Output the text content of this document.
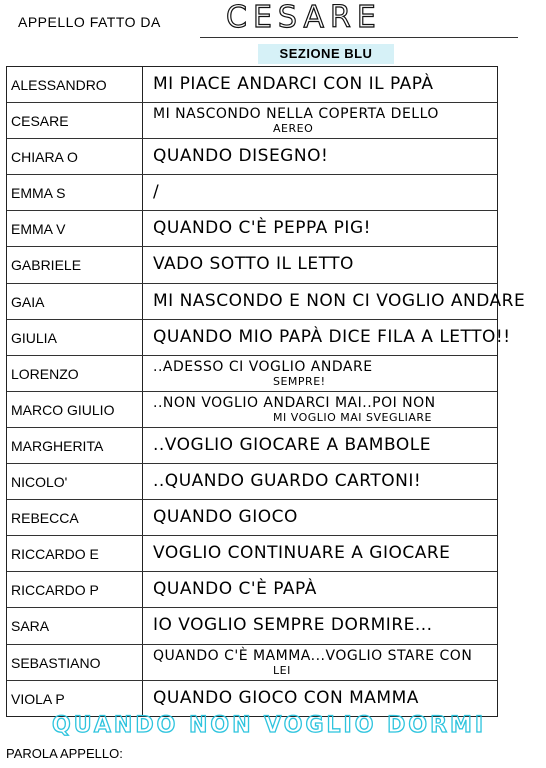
APPELLO FATTO DA CESARE
SEZIONE BLU
ALESSANDRO	MI PIACE ANDARCI CON IL PAPÀ
CESARE	MI NASCONDO NELLA COPERTA DELLO
AEREO
CHIARA O	QUANDO DISEGNO!
EMMA S	/
EMMA V	QUANDO C'È PEPPA PIG!
GABRIELE	VADO SOTTO IL LETTO
GAIA	MI NASCONDO E NON CI VOGLIO ANDARE
GIULIA	QUANDO MIO PAPÀ DICE FILA A LETTO!!
LORENZO	..ADESSO CI VOGLIO ANDARE
SEMPRE!
MARCO GIULIO	..NON VOGLIO ANDARCI MAI..POI NON
MI VOGLIO MAI SVEGLIARE
MARGHERITA	..VOGLIO GIOCARE A BAMBOLE
NICOLO'	..QUANDO GUARDO CARTONI!
REBECCA	QUANDO GIOCO
RICCARDO E	VOGLIO CONTINUARE A GIOCARE
RICCARDO P	QUANDO C'È PAPÀ
SARA	IO VOGLIO SEMPRE DORMIRE...
SEBASTIANO	QUANDO C'È MAMMA...VOGLIO STARE CON
LEI
VIOLA P	QUANDO GIOCO CON MAMMA
QUANDO NON VOGLIO DORMI
PAROLA APPELLO:
